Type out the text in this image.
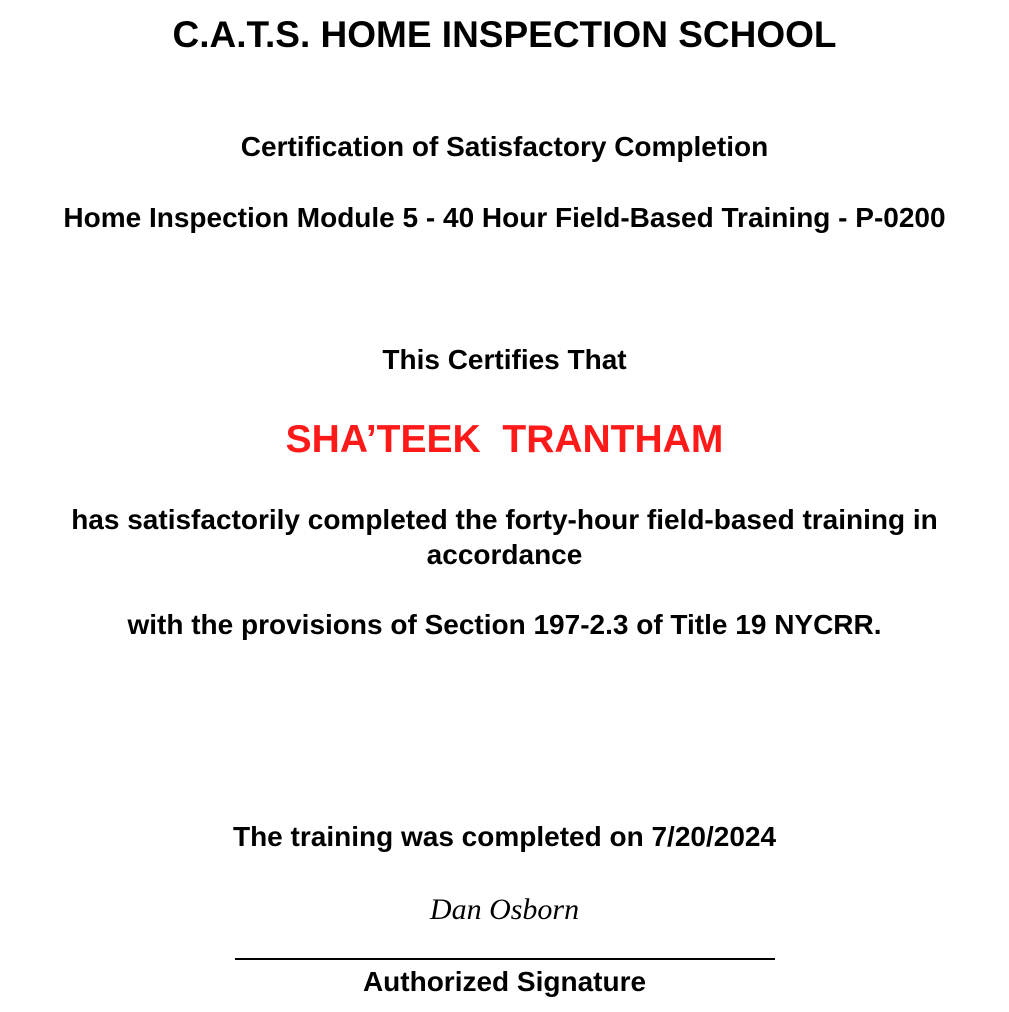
C.A.T.S. HOME INSPECTION SCHOOL
Certification of Satisfactory Completion
Home Inspection Module 5 - 40 Hour Field-Based Training - P-0200
This Certifies That
SHA’TEEK  TRANTHAM
has satisfactorily completed the forty-hour field-based training in accordance
with the provisions of Section 197-2.3 of Title 19 NYCRR.
The training was completed on 7/20/2024
Dan Osborn
Authorized Signature
